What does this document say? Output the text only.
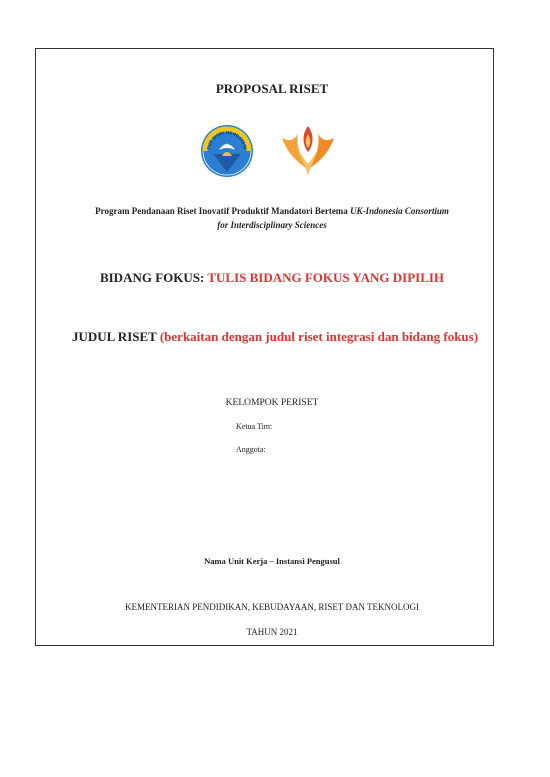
PROPOSAL RISET
TUT WURI HANDAYANI
Program Pendanaan Riset Inovatif Produktif Mandatori Bertema UK-Indonesia Consortium
for Interdisciplinary Sciences
BIDANG FOKUS: TULIS BIDANG FOKUS YANG DIPILIH
JUDUL RISET (berkaitan dengan judul riset integrasi dan bidang fokus)
KELOMPOK PERISET
Ketua Tim:
Anggota:
Nama Unit Kerja – Instansi Pengusul
KEMENTERIAN PENDIDIKAN, KEBUDAYAAN, RISET DAN TEKNOLOGI
TAHUN 2021
